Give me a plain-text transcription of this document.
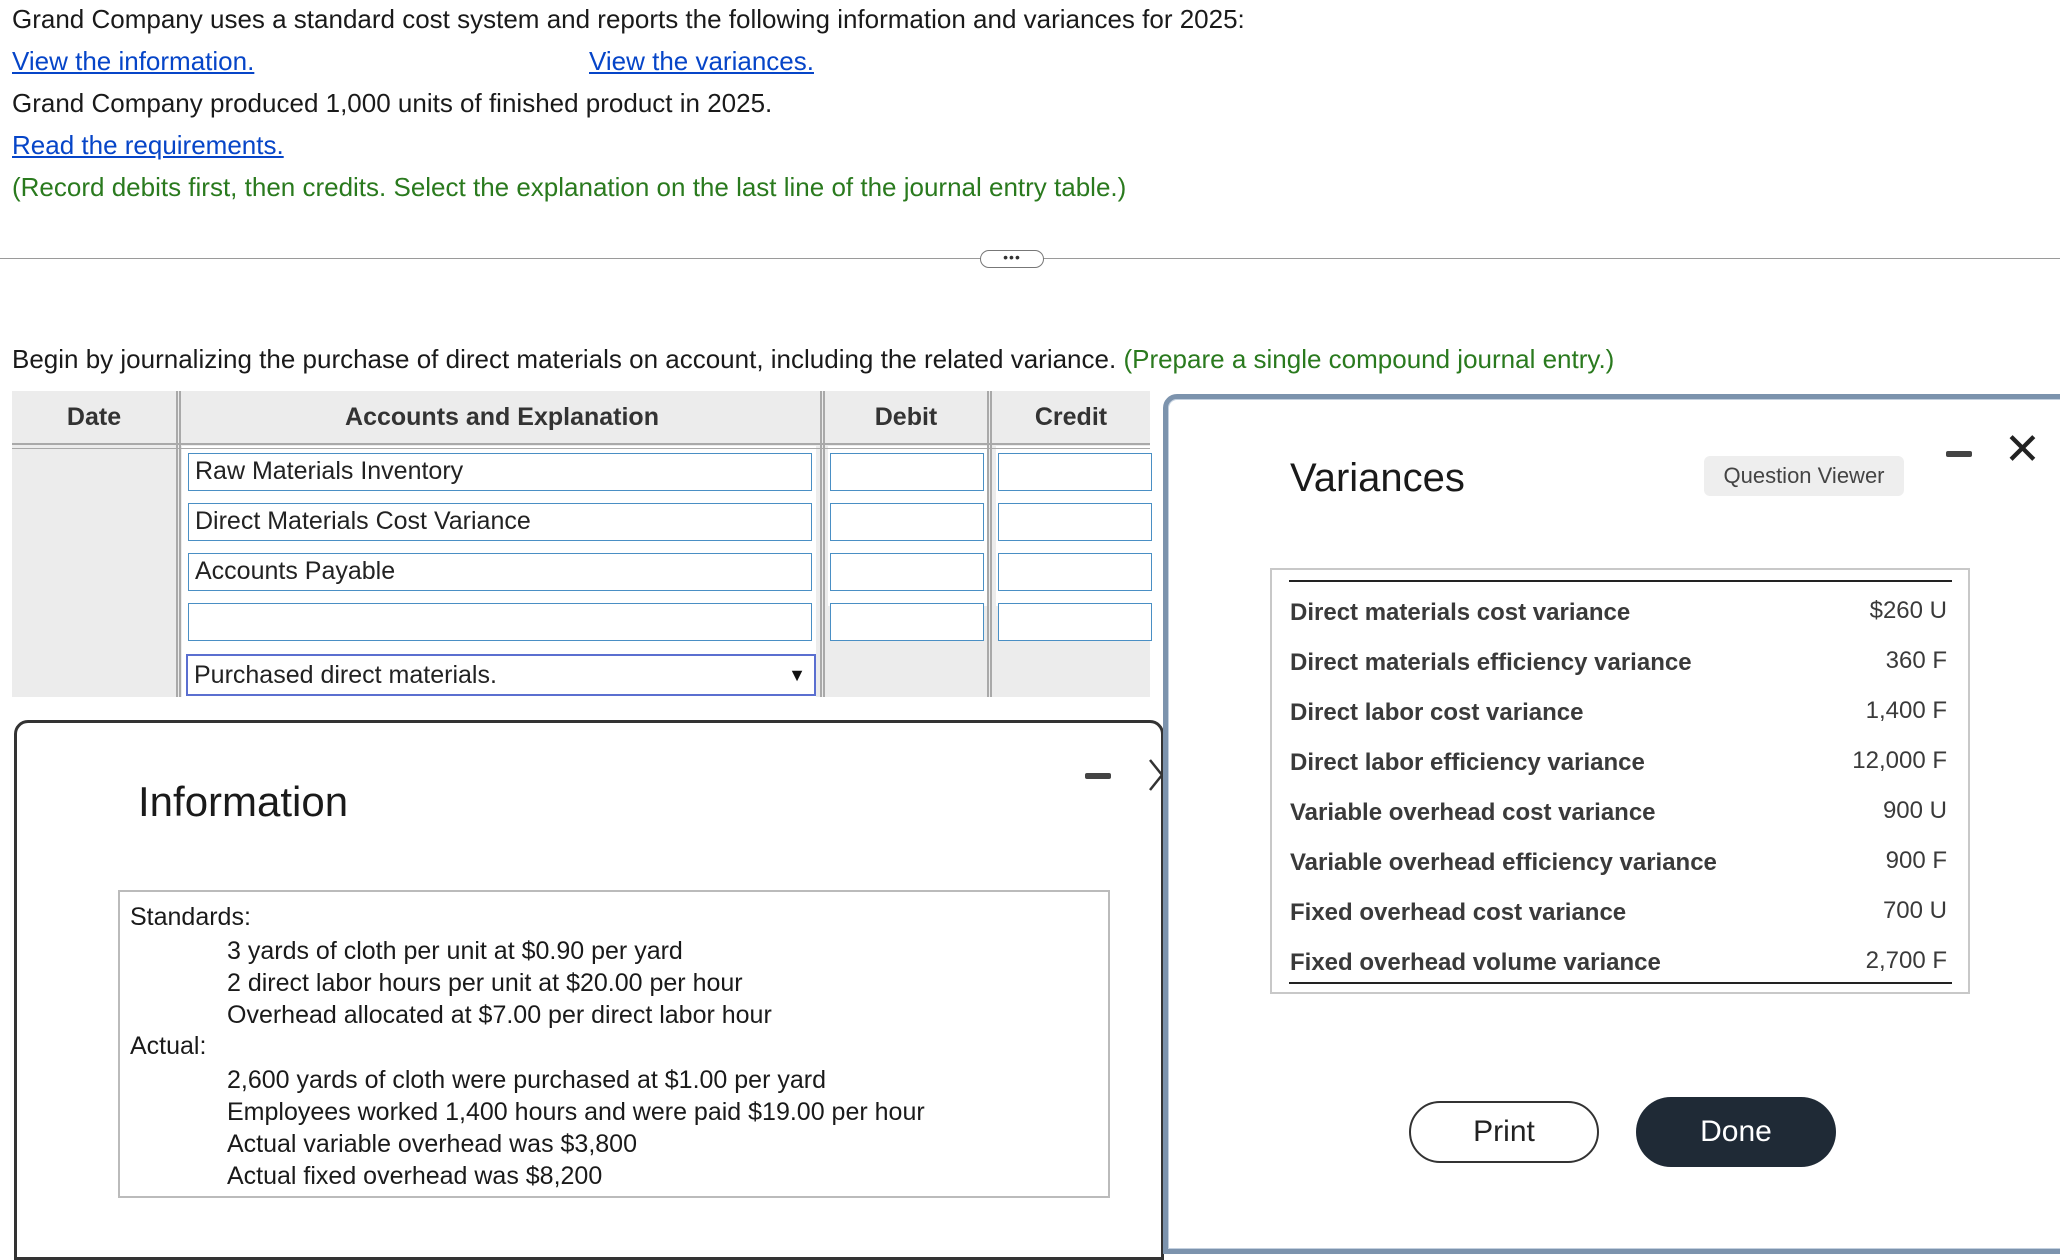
Grand Company uses a standard cost system and reports the following information and variances for 2025:
View the information.	View the variances.
Grand Company produced 1,000 units of finished product in 2025.
Read the requirements.
(Record debits first, then credits. Select the explanation on the last line of the journal entry table.)
•••
Begin by journalizing the purchase of direct materials on account, including the related variance. (Prepare a single compound journal entry.)
Date	Accounts and Explanation	Debit	Credit
Raw Materials Inventory
Direct Materials Cost Variance
Accounts Payable
Purchased direct materials.	▼
Information
Standards:
3 yards of cloth per unit at $0.90 per yard
2 direct labor hours per unit at $20.00 per hour
Overhead allocated at $7.00 per direct labor hour
Actual:
2,600 yards of cloth were purchased at $1.00 per yard
Employees worked 1,400 hours and were paid $19.00 per hour
Actual variable overhead was $3,800
Actual fixed overhead was $8,200
Variances	Question Viewer
✕
Direct materials cost variance	$260 U
Direct materials efficiency variance	360 F
Direct labor cost variance	1,400 F
Direct labor efficiency variance	12,000 F
Variable overhead cost variance	900 U
Variable overhead efficiency variance	900 F
Fixed overhead cost variance	700 U
Fixed overhead volume variance	2,700 F
Print	Done
